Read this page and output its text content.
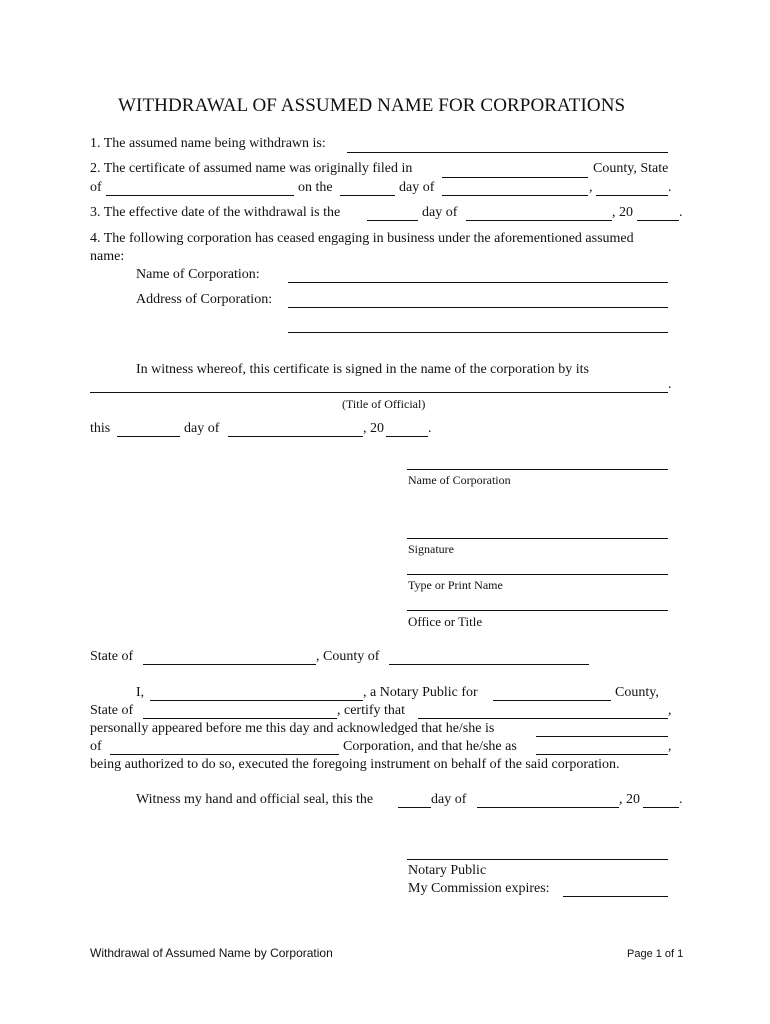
WITHDRAWAL OF ASSUMED NAME FOR CORPORATIONS
1. The assumed name being withdrawn is:
2. The certificate of assumed name was originally filed in	County, State
of	on the	day of	,	.
3. The effective date of the withdrawal is the	day of	, 20	.
4. The following corporation has ceased engaging in business under the aforementioned assumed
name:
Name of Corporation:
Address of Corporation:
In witness whereof, this certificate is signed in the name of the corporation by its
.
(Title of Official)
this	day of	, 20	.
Name of Corporation
Signature
Type or Print Name
Office or Title
State of	, County of
I,	, a Notary Public for	County,
State of	, certify that	,
personally appeared before me this day and acknowledged that he/she is
of	Corporation, and that he/she as	,
being authorized to do so, executed the foregoing instrument on behalf of the said corporation.
Witness my hand and official seal, this the	day of	, 20	.
Notary Public
My Commission expires:
Withdrawal of Assumed Name by Corporation	Page 1 of 1
